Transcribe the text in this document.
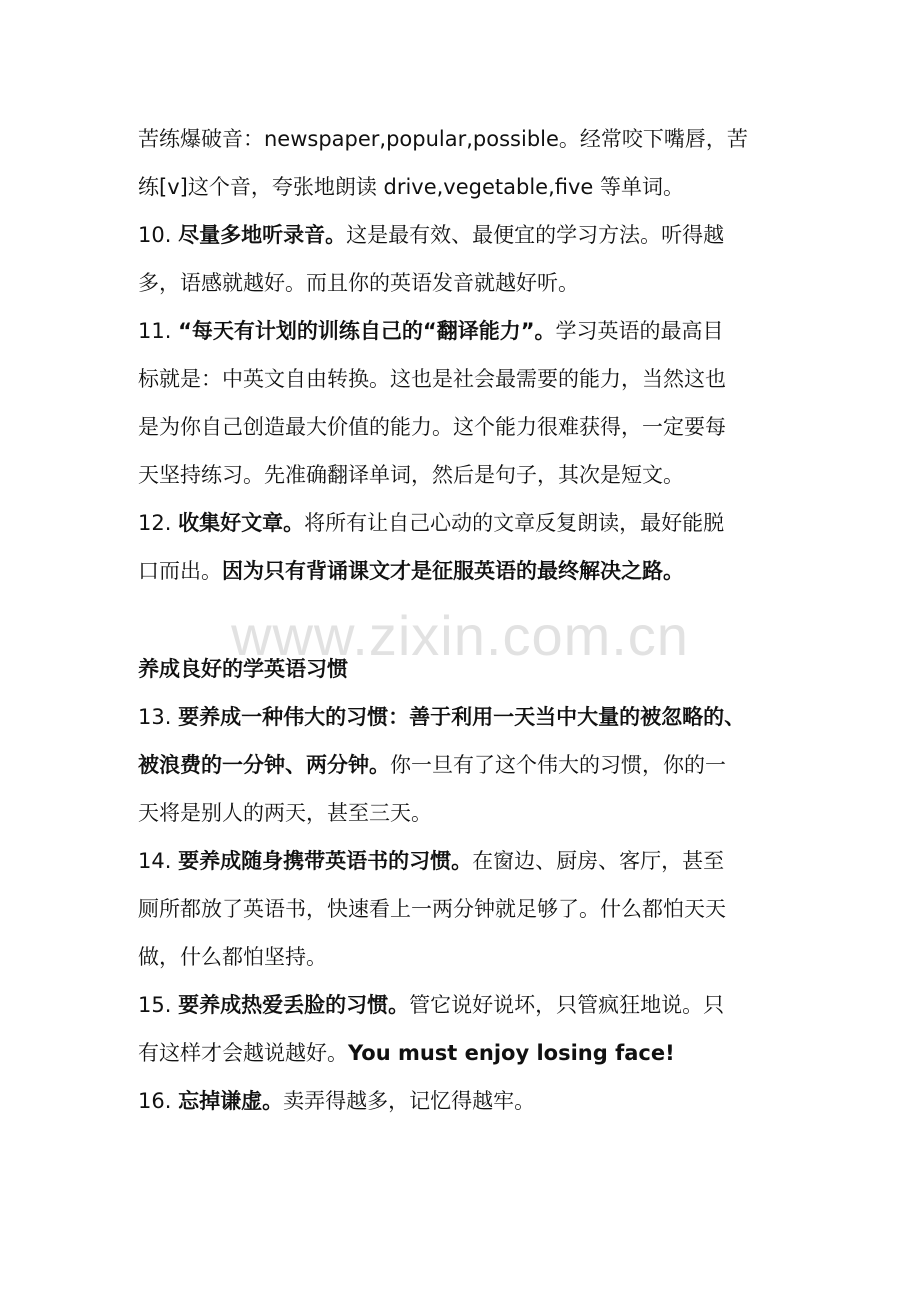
苦练爆破音：newspaper,popular,possible。经常咬下嘴唇，苦
练[v]这个音，夸张地朗读 drive,vegetable,five 等单词。
10. 尽量多地听录音。这是最有效、最便宜的学习方法。听得越
多，语感就越好。而且你的英语发音就越好听。
11. “每天有计划的训练自己的“翻译能力”。学习英语的最高目
标就是：中英文自由转换。这也是社会最需要的能力，当然这也
是为你自己创造最大价值的能力。这个能力很难获得，一定要每
天坚持练习。先准确翻译单词，然后是句子，其次是短文。
12. 收集好文章。将所有让自己心动的文章反复朗读，最好能脱
口而出。因为只有背诵课文才是征服英语的最终解决之路。
www.zixin.com.cn
养成良好的学英语习惯
13. 要养成一种伟大的习惯：善于利用一天当中大量的被忽略的、
被浪费的一分钟、两分钟。你一旦有了这个伟大的习惯，你的一
天将是别人的两天，甚至三天。
14. 要养成随身携带英语书的习惯。在窗边、厨房、客厅，甚至
厕所都放了英语书，快速看上一两分钟就足够了。什么都怕天天
做，什么都怕坚持。
15. 要养成热爱丢脸的习惯。管它说好说坏，只管疯狂地说。只
有这样才会越说越好。You must enjoy losing face!
16. 忘掉谦虚。卖弄得越多，记忆得越牢。
